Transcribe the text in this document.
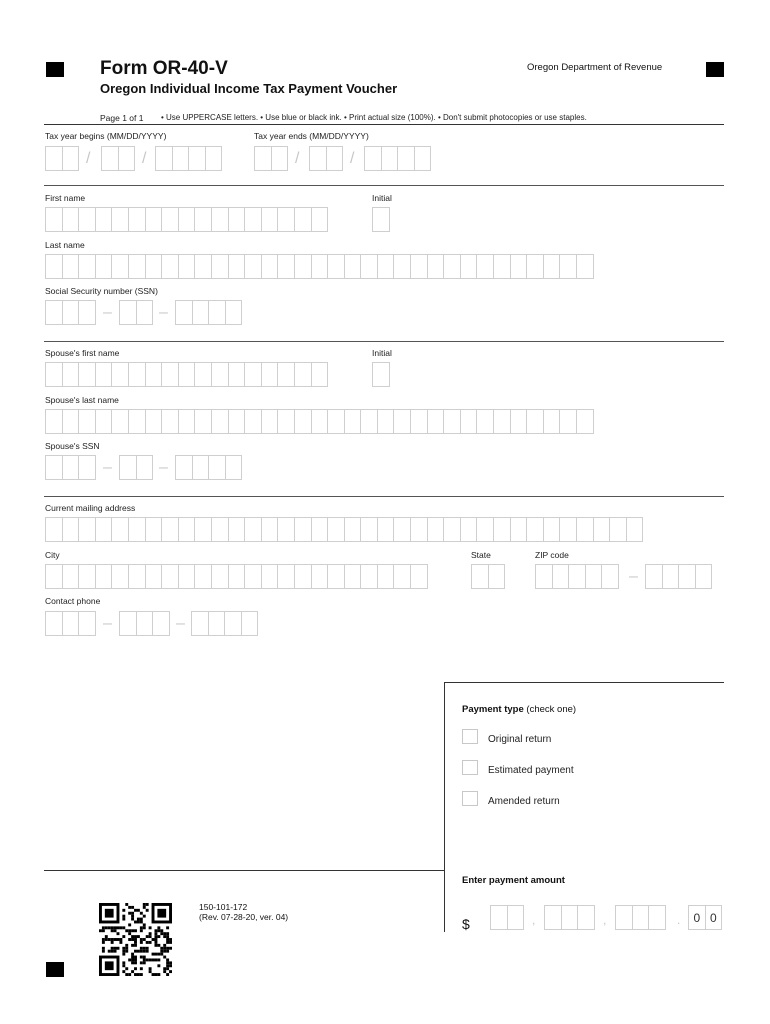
Form OR-40-V
Oregon Individual Income Tax Payment Voucher
Oregon Department of Revenue
Page 1 of 1 • Use UPPERCASE letters. • Use blue or black ink. • Print actual size (100%). • Don't submit photocopies or use staples.
Tax year begins (MM/DD/YYYY)	Tax year ends (MM/DD/YYYY)
/	/	/	/
First name	Initial
Last name
Social Security number (SSN)
–	–
Spouse's first name	Initial
Spouse's last name
Spouse's SSN
–	–
Current mailing address
City	State	ZIP code
–
Contact phone
–	–
Payment type (check one)
Original return
Estimated payment
Amended return
Enter payment amount
$	,	,	.	0 0
150-101-172
(Rev. 07-28-20, ver. 04)
